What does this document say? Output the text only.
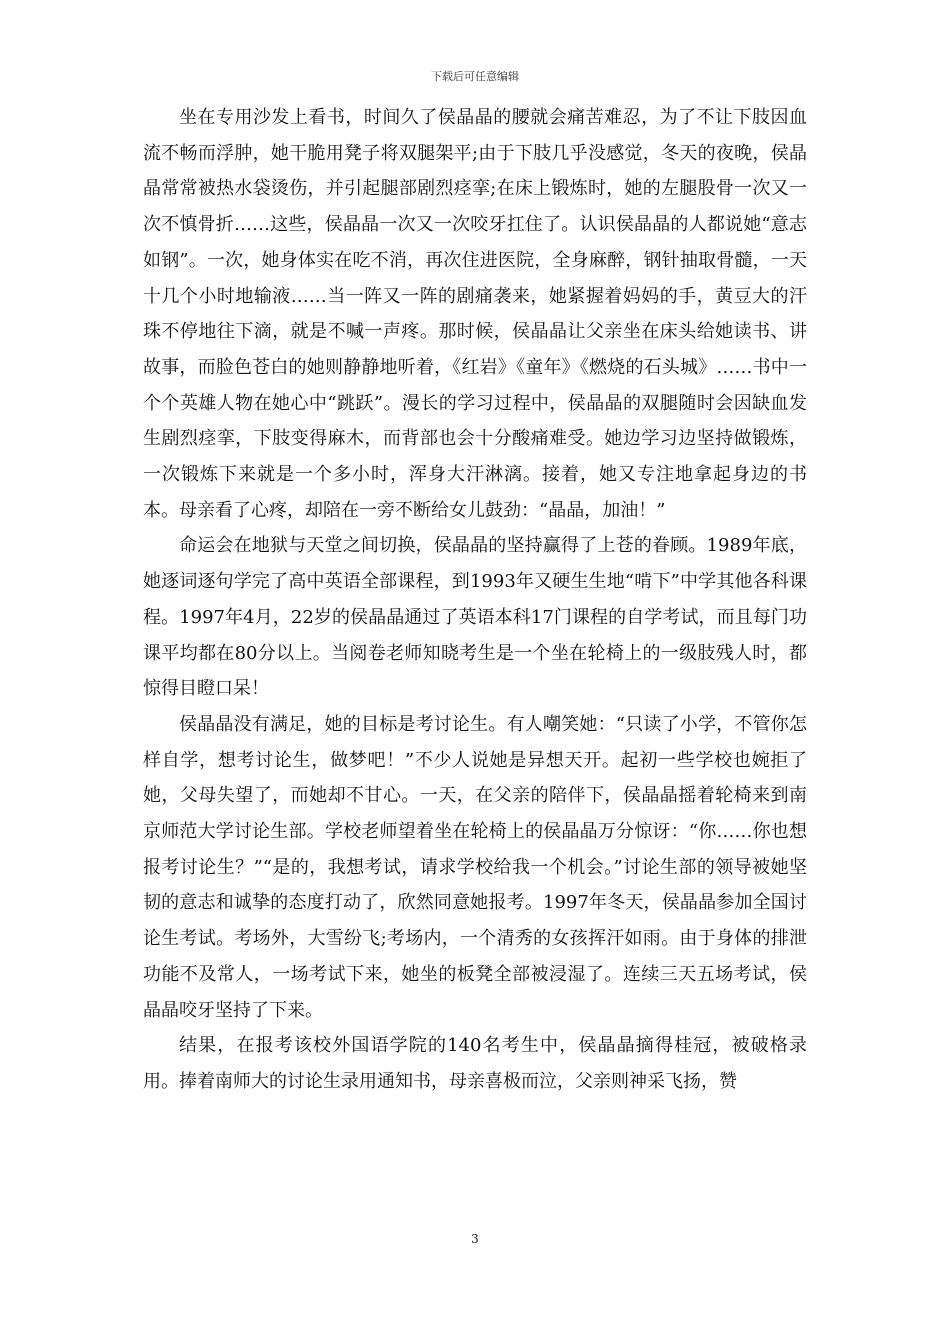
下载后可任意编辑

坐在专用沙发上看书，时间久了侯晶晶的腰就会痛苦难忍，为了不让下肢因血流不畅而浮肿，她干脆用凳子将双腿架平;由于下肢几乎没感觉，冬天的夜晚，侯晶晶常常被热水袋烫伤，并引起腿部剧烈痉挛;在床上锻炼时，她的左腿股骨一次又一次不慎骨折……这些，侯晶晶一次又一次咬牙扛住了。认识侯晶晶的人都说她“意志如钢”。一次，她身体实在吃不消，再次住进医院，全身麻醉，钢针抽取骨髓，一天十几个小时地输液……当一阵又一阵的剧痛袭来，她紧握着妈妈的手，黄豆大的汗珠不停地往下滴，就是不喊一声疼。那时候，侯晶晶让父亲坐在床头给她读书、讲故事，而脸色苍白的她则静静地听着，《红岩》《童年》《燃烧的石头城》……书中一个个英雄人物在她心中“跳跃”。漫长的学习过程中，侯晶晶的双腿随时会因缺血发生剧烈痉挛，下肢变得麻木，而背部也会十分酸痛难受。她边学习边坚持做锻炼，一次锻炼下来就是一个多小时，浑身大汗淋漓。接着，她又专注地拿起身边的书本。母亲看了心疼，却陪在一旁不断给女儿鼓劲：“晶晶，加油！”

命运会在地狱与天堂之间切换，侯晶晶的坚持赢得了上苍的眷顾。1989年底，她逐词逐句学完了高中英语全部课程，到1993年又硬生生地“啃下”中学其他各科课程。1997年4月，22岁的侯晶晶通过了英语本科17门课程的自学考试，而且每门功课平均都在80分以上。当阅卷老师知晓考生是一个坐在轮椅上的一级肢残人时，都惊得目瞪口呆！

侯晶晶没有满足，她的目标是考讨论生。有人嘲笑她：“只读了小学，不管你怎样自学，想考讨论生，做梦吧！”不少人说她是异想天开。起初一些学校也婉拒了她，父母失望了，而她却不甘心。一天，在父亲的陪伴下，侯晶晶摇着轮椅来到南京师范大学讨论生部。学校老师望着坐在轮椅上的侯晶晶万分惊讶：“你……你也想报考讨论生？”“是的，我想考试，请求学校给我一个机会。”讨论生部的领导被她坚韧的意志和诚挚的态度打动了，欣然同意她报考。1997年冬天，侯晶晶参加全国讨论生考试。考场外，大雪纷飞;考场内，一个清秀的女孩挥汗如雨。由于身体的排泄功能不及常人，一场考试下来，她坐的板凳全部被浸湿了。连续三天五场考试，侯晶晶咬牙坚持了下来。

结果，在报考该校外国语学院的140名考生中，侯晶晶摘得桂冠，被破格录用。捧着南师大的讨论生录用通知书，母亲喜极而泣，父亲则神采飞扬，赞

3
